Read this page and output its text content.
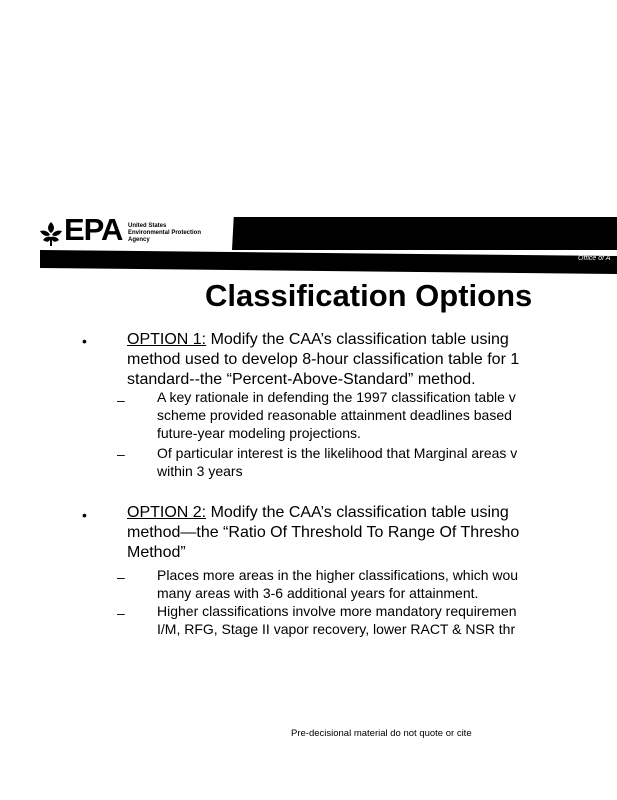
EPA United States
Environmental Protection
Agency
Office of A
Classification Options
•	OPTION 1: Modify the CAA’s classification table using
method used to develop 8-hour classification table for 1
standard--the “Percent-Above-Standard” method.
– A key rationale in defending the 1997 classification table v
scheme provided reasonable attainment deadlines based
future-year modeling projections.
– Of particular interest is the likelihood that Marginal areas v
within 3 years
•	OPTION 2: Modify the CAA’s classification table using
method—the “Ratio Of Threshold To Range Of Thresho
Method”
– Places more areas in the higher classifications, which wou
many areas with 3-6 additional years for attainment.
– Higher classifications involve more mandatory requiremen
I/M, RFG, Stage II vapor recovery, lower RACT & NSR thr
Pre-decisional material do not quote or cite
